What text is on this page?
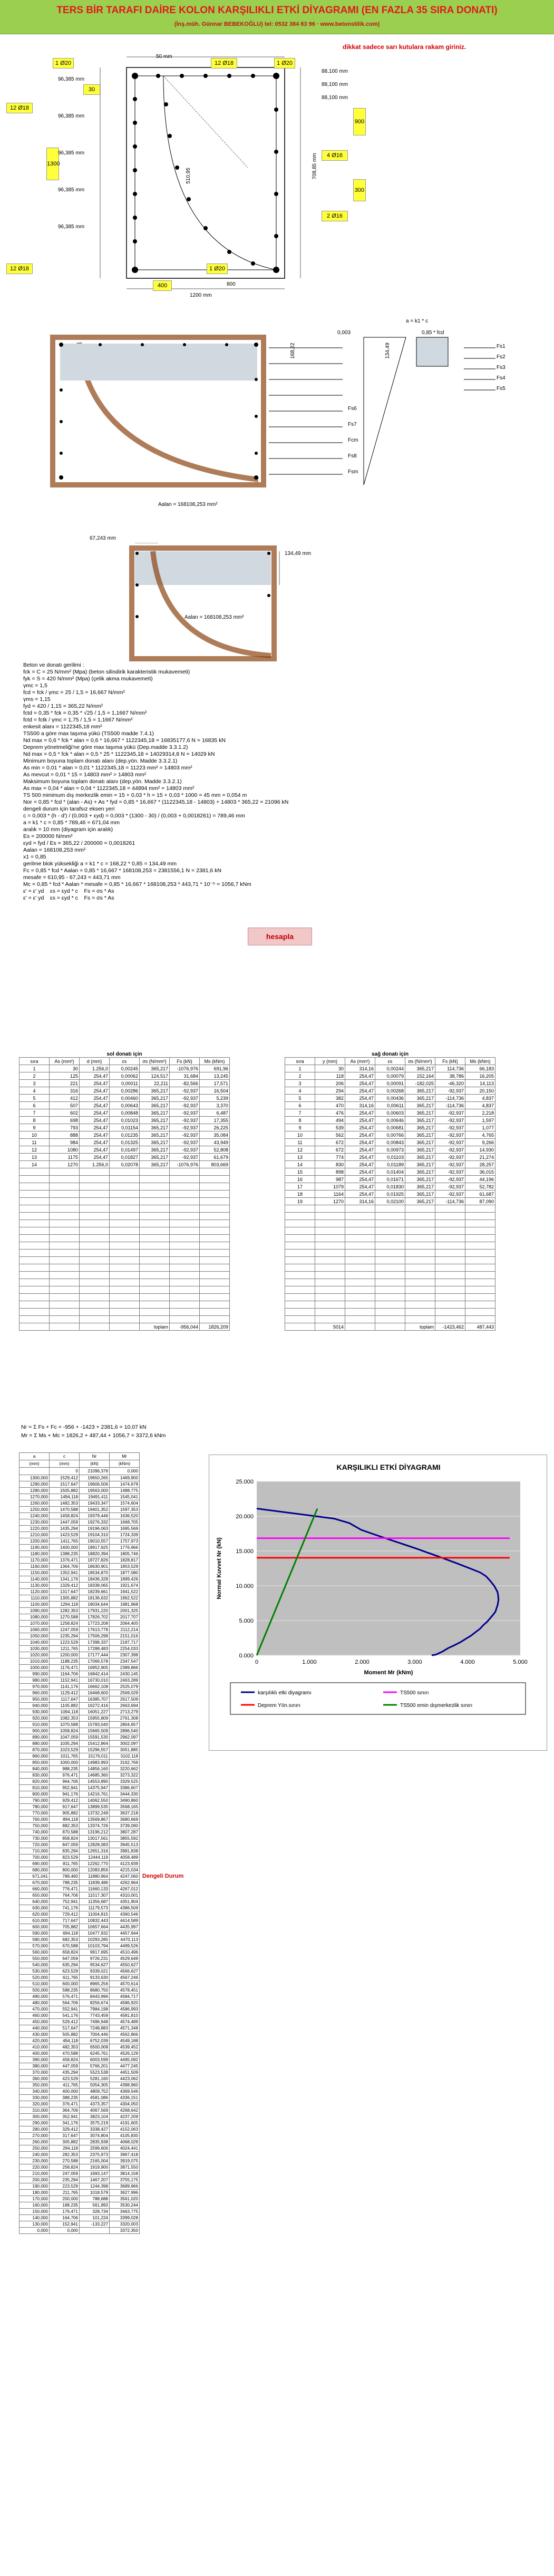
TERS BİR TARAFI DAİRE KOLON KARŞILIKLI ETKİ DİYAGRAMI (EN FAZLA 35 SIRA DONATI)
(İnş.müh. Günnar BEBEKOĞLU) tel: 0532 384 83 96 · www.betonstilik.com)
dikkat sadece sarı kutulara rakam giriniz.
1 Ø20
50 mm
12 Ø18	1 Ø20
12 Ø18
30
900
4 Ø16
300
2 Ø16
1300
12 Ø18	1 Ø20
400	800
1200 mm
510,95	708,85 mm
96,385 mm
96,385 mm
96,385 mm
96,385 mm
96,385 mm
88,100 mm
88,100 mm
88,100 mm
0,003
a = k1 * c
0,85 * fcd
168,22	134,49	Fs1
Fs2
Fs3
Fs4
Fs5
Fs6
Fs7
Fcm
Fs8
Fsm
Aalan = 168108,253 mm²
67,243 mm
134,49 mm
Aalan = 168108,253 mm²
Beton ve donatı gerilimi :
fck = C = 25 N/mm² (Mpa) (beton silindirik karakteristik mukavemeti)
fyk = S = 420 N/mm² (Mpa) (çelik akma mukavemeti)
γmc = 1,5
fcd = fck / γmc = 25 / 1,5 = 16,667 N/mm²
γms = 1,15
fyd = 420 / 1,15 = 365,22 N/mm²
fctd = 0,35 * fck = 0,35 * √25 / 1,5 = 1,1667 N/mm²
fctd = fctk / γmc = 1,75 / 1,5 = 1,1667 N/mm²
enkesit alanı = 1122345,18 mm²
TS500 a göre max taşıma yükü (TS500 madde 7.4.1)
Nd max = 0,6 * fck * alan = 0,6 * 16,667 * 1122345,18 = 16835177,6 N = 16835 kN
Deprem yönetmeliği'ne göre max taşıma yükü (Dep.madde 3.3.1.2)
Nd max = 0,5 * fck * alan = 0,5 * 25 * 1122345,18 = 14029314,8 N = 14029 kN
Minimum boyuna toplam donatı alanı (dep.yön. Madde 3.3.2.1)
As min = 0,01 * alan = 0,01 * 1122345,18 = 11223 mm² = 14803 mm²
As mevcut = 0,01 * 15 = 14803 mm² > 14803 mm²
Maksimum boyuna toplam donatı alanı (dep.yön. Madde 3.3.2.1)
As max = 0,04 * alan = 0,04 * 1122345,18 = 44894 mm² = 14803 mm²
TS 500 minimum dış merkezlik emin = 15 + 0,03 * h = 15 + 0,03 * 1000 = 45 mm = 0,054 m
Nor = 0,85 * fcd * (alan - As) + As * fyd = 0,85 * 16,667 * (1122345,18 - 14803) + 14803 * 365,22 = 21096 kN
dengeli durum için tarafsız eksen yeri
c = 0,003 * (h - d') / (0,003 + εyd) = 0,003 * (1300 - 30) / (0,003 + 0,0018261) = 789,46 mm
a = k1 * c = 0,85 * 789,46 = 671,04 mm
aralık = 10 mm (diyagram için aralık)
Es = 200000 N/mm²
εyd = fyd / Es = 365,22 / 200000 = 0,0018261
Aalan = 168108,253 mm²
x1 = 0,85
gerilme blok yüksekliği a = k1 * c = 168,22 * 0,85 = 134,49 mm
Fc = 0,85 * fcd * Aalan = 0,85 * 16,667 * 168108,253 = 2381556,1 N = 2381,6 kN
mesafe = 610,95 - 67,243 = 443,71 mm
Mc = 0,85 * fcd * Aalan * mesafe = 0,85 * 16,667 * 168108,253 * 443,71 * 10⁻⁶ = 1056,7 kNm
ε' = ε' yd    εs = εyd * c    Fs = σs * As
ε' = ε' yd    εs = εyd * c    Fs = σs * As
hesapla
sol donatı için
sıra	As (mm²)	d (mm)	εs	σs (N/mm²)	Fs (kN)	Ms (kNm)
1	30	1.256,0	0,00245	365,217	-1076,976	691,96
2	125	254,47	0,00062	124,517	31,684	13,245
3	221	254,47	0,00011	22,211	-82,566	17,571
4	316	254,47	0,00286	365,217	-92,937	16,504
5	412	254,47	0,00460	365,217	-92,937	5,239
6	507	254,47	0,00643	365,217	-92,937	3,370
7	602	254,47	0,00848	365,217	-92,937	6,487
8	698	254,47	0,01023	365,217	-92,937	17,355
9	793	254,47	0,01154	365,217	-92,937	26,225
10	888	254,47	0,01235	365,217	-92,937	35,084
11	984	254,47	0,01325	365,217	-92,937	43,949
12	1080	254,47	0,01497	365,217	-92,937	52,808
13	1175	254,47	0,01827	365,217	-92,937	61,679
14	1270	1.256,0	0,02078	365,217	-1076,976	803,669

				toplam	-956,044	1826,209
sağ donatı için
sıra	y (mm)	As (mm²)	εs	σs (N/mm²)	Fs (kN)	Ms (kNm)
1	30	314,16	0,00244	365,217	114,736	66,183
2	118	254,47	0,00079	152,164	38,786	16,205
3	206	254,47	0,00091	-182,025	-46,320	14,113
4	294	254,47	0,00268	365,217	-92,937	20,150
5	382	254,47	0,00436	365,217	-114,736	4,837
6	470	314,16	0,00611	365,217	-114,736	4,837
7	476	254,47	0,00603	365,217	-92,937	2,218
8	494	254,47	0,00646	365,217	-92,937	1,597
9	539	254,47	0,00681	365,217	-92,937	1,077
10	562	254,47	0,00766	365,217	-92,937	4,765
11	672	254,47	0,00843	365,217	-92,937	9,266
12	672	254,47	0,00973	365,217	-92,937	14,930
13	774	254,47	0,01103	365,217	-92,937	21,274
14	830	254,47	0,01189	365,217	-92,937	28,257
15	898	254,47	0,01404	365,217	-92,937	36,015
16	987	254,47	0,01671	365,217	-92,937	44,196
17	1079	254,47	0,01830	365,217	-92,937	52,782
18	1164	254,47	0,01925	365,217	-92,937	61,687
19	1270	314,16	0,02100	365,217	-114,736	87,090

	5014			toplam	-1423,462	487,443
Nr = Σ Fs + Fc = -956 + -1423 + 2381,6 = 10,07 kN
Mr = Σ Ms + Mc = 1826,2 + 487,44 + 1056,7 = 3372,6 kNm
a	c	Nr	Mr
(mm)	(mm)	(kN)	(kNm)
	0	21096,376	0,000
1300,000	1529,412	19650,265	1469,900
1290,000	1517,647	19606,506	1474,679
1280,000	1505,882	19563,000	1488,775
1270,000	1494,118	19491,411	1545,041
1260,000	1482,353	19433,347	1574,604
1250,000	1470,588	19401,352	1597,353
1240,000	1458,824	19379,446	1636,520
1230,000	1447,059	19276,332	1668,705
1220,000	1435,294	19196,063	1695,569
1210,000	1423,529	19104,310	1724,339
1200,000	1411,765	19010,557	1757,973
1190,000	1400,000	18917,925	1776,966
1180,000	1388,235	18820,394	1805,746
1170,000	1376,471	18727,826	1828,817
1160,000	1364,706	18630,901	1853,529
1150,000	1352,941	18534,870	1877,080
1140,000	1341,176	18436,328	1899,426
1130,000	1329,412	18338,065	1921,674
1120,000	1317,647	18239,661	1941,522
1110,000	1305,882	18136,632	1962,522
1100,000	1294,118	18034,644	1981,968
1090,000	1282,353	17931,220	2001,325
1080,000	1270,588	17826,702	2017,707
1070,000	1258,824	17723,208	2064,400
1060,000	1247,059	17613,778	2112,214
1050,000	1235,294	17506,298	2151,016
1040,000	1223,529	17398,337	2187,717
1030,000	1211,765	17288,483	2254,033
1020,000	1200,000	17177,444	2307,398
1010,000	1188,235	17066,578	2347,547
1000,000	1176,471	16952,905	2389,866
990,000	1164,706	16842,414	2430,145
980,000	1152,941	16730,010	2463,289
970,000	1141,176	16662,108	2525,079
960,000	1129,412	16468,600	2569,029
950,000	1117,647	16385,707	2617,509
940,000	1105,882	16272,416	2663,694
930,000	1094,118	16051,227	2713,279
920,000	1082,353	15955,809	2761,308
910,000	1070,588	15783,040	2804,657
900,000	1058,824	15665,509	2896,540
890,000	1047,059	15591,530	2962,097
880,000	1035,294	15412,864	3002,097
870,000	1023,529	15296,557	3051,885
860,000	1011,765	15176,011	3102,118
850,000	1000,000	14983,993	3162,769
840,000	988,235	14856,160	3220,662
830,000	976,471	14685,360	3273,322
820,000	964,706	14553,890	3329,525
810,000	952,941	14375,947	3386,607
800,000	941,176	14216,761	3444,330
790,000	929,412	14062,550	3490,860
780,000	917,647	13899,535	3568,165
770,000	905,882	13732,249	3637,218
760,000	894,118	13569,867	3680,669
750,000	882,353	13374,726	3739,090
740,000	870,588	13196,212	3807,287
730,000	858,824	13017,561	3855,592
720,000	847,059	12828,083	3945,513
710,000	835,294	12651,316	3981,838
700,000	823,529	12444,119	4058,489
690,000	811,765	12262,770	4123,939
680,000	800,000	12083,856	4215,034
671,041	789,460	11880,964	4247,060
670,000	788,235	11839,486	4262,964
660,000	776,471	11660,133	4267,012
650,000	764,706	11517,307	4310,001
640,000	752,941	11356,687	4351,904
630,000	741,176	11179,573	4386,509
620,000	729,412	11004,815	4360,546
610,000	717,647	10832,443	4414,589
600,000	705,882	10657,664	4435,997
590,000	694,118	10477,932	4457,944
580,000	682,353	10293,285	4470,113
570,000	670,588	10103,794	4499,526
560,000	658,824	9917,695	4510,496
550,000	647,059	9726,231	4529,649
540,000	635,294	9534,627	4550,627
530,000	623,529	9339,021	4566,627
520,000	611,765	9133,630	4567,246
510,000	600,000	8965,256	4570,614
500,000	588,235	8680,750	4578,451
490,000	576,471	8443,996	4584,717
480,000	564,706	8256,674	4586,920
470,000	552,941	7984,198	4586,993
460,000	541,176	7743,458	4581,810
450,000	529,412	7496,948	4574,489
440,000	517,647	7248,883	4571,348
430,000	505,882	7004,446	4562,866
420,000	494,118	6752,039	4549,188
410,000	482,353	6500,008	4539,452
400,000	470,588	6245,761	4526,129
390,000	458,824	6003,599	4495,092
380,000	447,059	5766,201	4477,245
370,000	435,294	5523,538	4451,509
360,000	423,529	5281,160	4423,062
350,000	411,765	5054,305	4398,960
340,000	400,000	4809,752	4369,546
330,000	388,235	4581,086	4336,151
320,000	376,471	4373,357	4304,050
310,000	364,706	4067,569	4268,642
300,000	352,941	3823,104	4237,209
290,000	341,176	3575,219	4191,605
280,000	329,412	3338,427	4152,063
270,000	317,647	3074,804	4105,830
260,000	305,882	2835,938	4068,029
250,000	294,118	2599,606	4024,441
240,000	282,353	2375,973	3967,418
230,000	270,588	2165,004	3919,075
220,000	258,824	1919,900	3871,550
210,000	247,059	1693,147	3814,158
200,000	235,294	1467,207	3755,175
190,000	223,529	1244,398	3689,966
180,000	211,765	1018,579	3627,996
170,000	200,000	788,688	3561,020
160,000	188,235	561,993	3530,244
150,000	176,471	328,734	3463,775
140,000	164,706	101,224	3399,028
130,000	152,941	-133,227	3320,003
0,000	0,000		3372,350
Dengeli Durum
0.000
5.000
10.000
15.000
20.000
25.000
0	1.000	2.000	3.000	4.000	5.000
KARŞILIKLI ETKİ DİYAGRAMI
Moment Mr (kNm)
Normal Kuvvet Nr (kN)
karşılıklı etki diyagramı	TS500 sınırı
Deprem Yön.sınırı	TS500 emin dışmerkezlik sınırı
